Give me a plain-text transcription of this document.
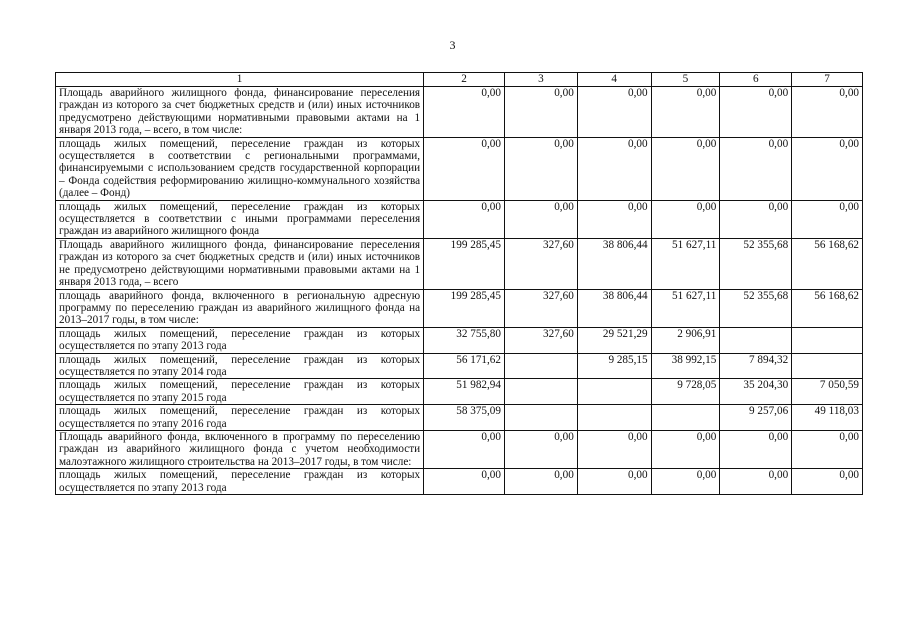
3
1	2	3	4	5	6	7
Площадь аварийного жилищного фонда, финансирование переселения граждан из которого за счет бюджетных средств и (или) иных источников предусмотрено действующими нормативными правовыми актами на 1 января 2013 года, – всего, в том числе:	0,00	0,00	0,00	0,00	0,00	0,00
площадь жилых помещений, переселение граждан из которых осуществляется в соответствии с региональными программами, финансируемыми с использованием средств государственной корпорации – Фонда содействия реформированию жилищно-коммунального хозяйства (далее – Фонд)	0,00	0,00	0,00	0,00	0,00	0,00
площадь жилых помещений, переселение граждан из которых осуществляется в соответствии с иными программами переселения граждан из аварийного жилищного фонда	0,00	0,00	0,00	0,00	0,00	0,00
Площадь аварийного жилищного фонда, финансирование переселения граждан из которого за счет бюджетных средств и (или) иных источников не предусмотрено действующими нормативными правовыми актами на 1 января 2013 года, – всего	199 285,45	327,60	38 806,44	51 627,11	52 355,68	56 168,62
площадь аварийного фонда, включенного в региональную адресную программу по переселению граждан из аварийного жилищного фонда на 2013–2017 годы, в том числе:	199 285,45	327,60	38 806,44	51 627,11	52 355,68	56 168,62
площадь жилых помещений, переселение граждан из которых осуществляется по этапу 2013 года	32 755,80	327,60	29 521,29	2 906,91		
площадь жилых помещений, переселение граждан из которых осуществляется по этапу 2014 года	56 171,62		9 285,15	38 992,15	7 894,32	
площадь жилых помещений, переселение граждан из которых осуществляется по этапу 2015 года	51 982,94			9 728,05	35 204,30	7 050,59
площадь жилых помещений, переселение граждан из которых осуществляется по этапу 2016 года	58 375,09				9 257,06	49 118,03
Площадь аварийного фонда, включенного в программу по переселению граждан из аварийного жилищного фонда с учетом необходимости малоэтажного жилищного строительства на 2013–2017 годы, в том числе:	0,00	0,00	0,00	0,00	0,00	0,00
площадь жилых помещений, переселение граждан из которых осуществляется по этапу 2013 года	0,00	0,00	0,00	0,00	0,00	0,00
